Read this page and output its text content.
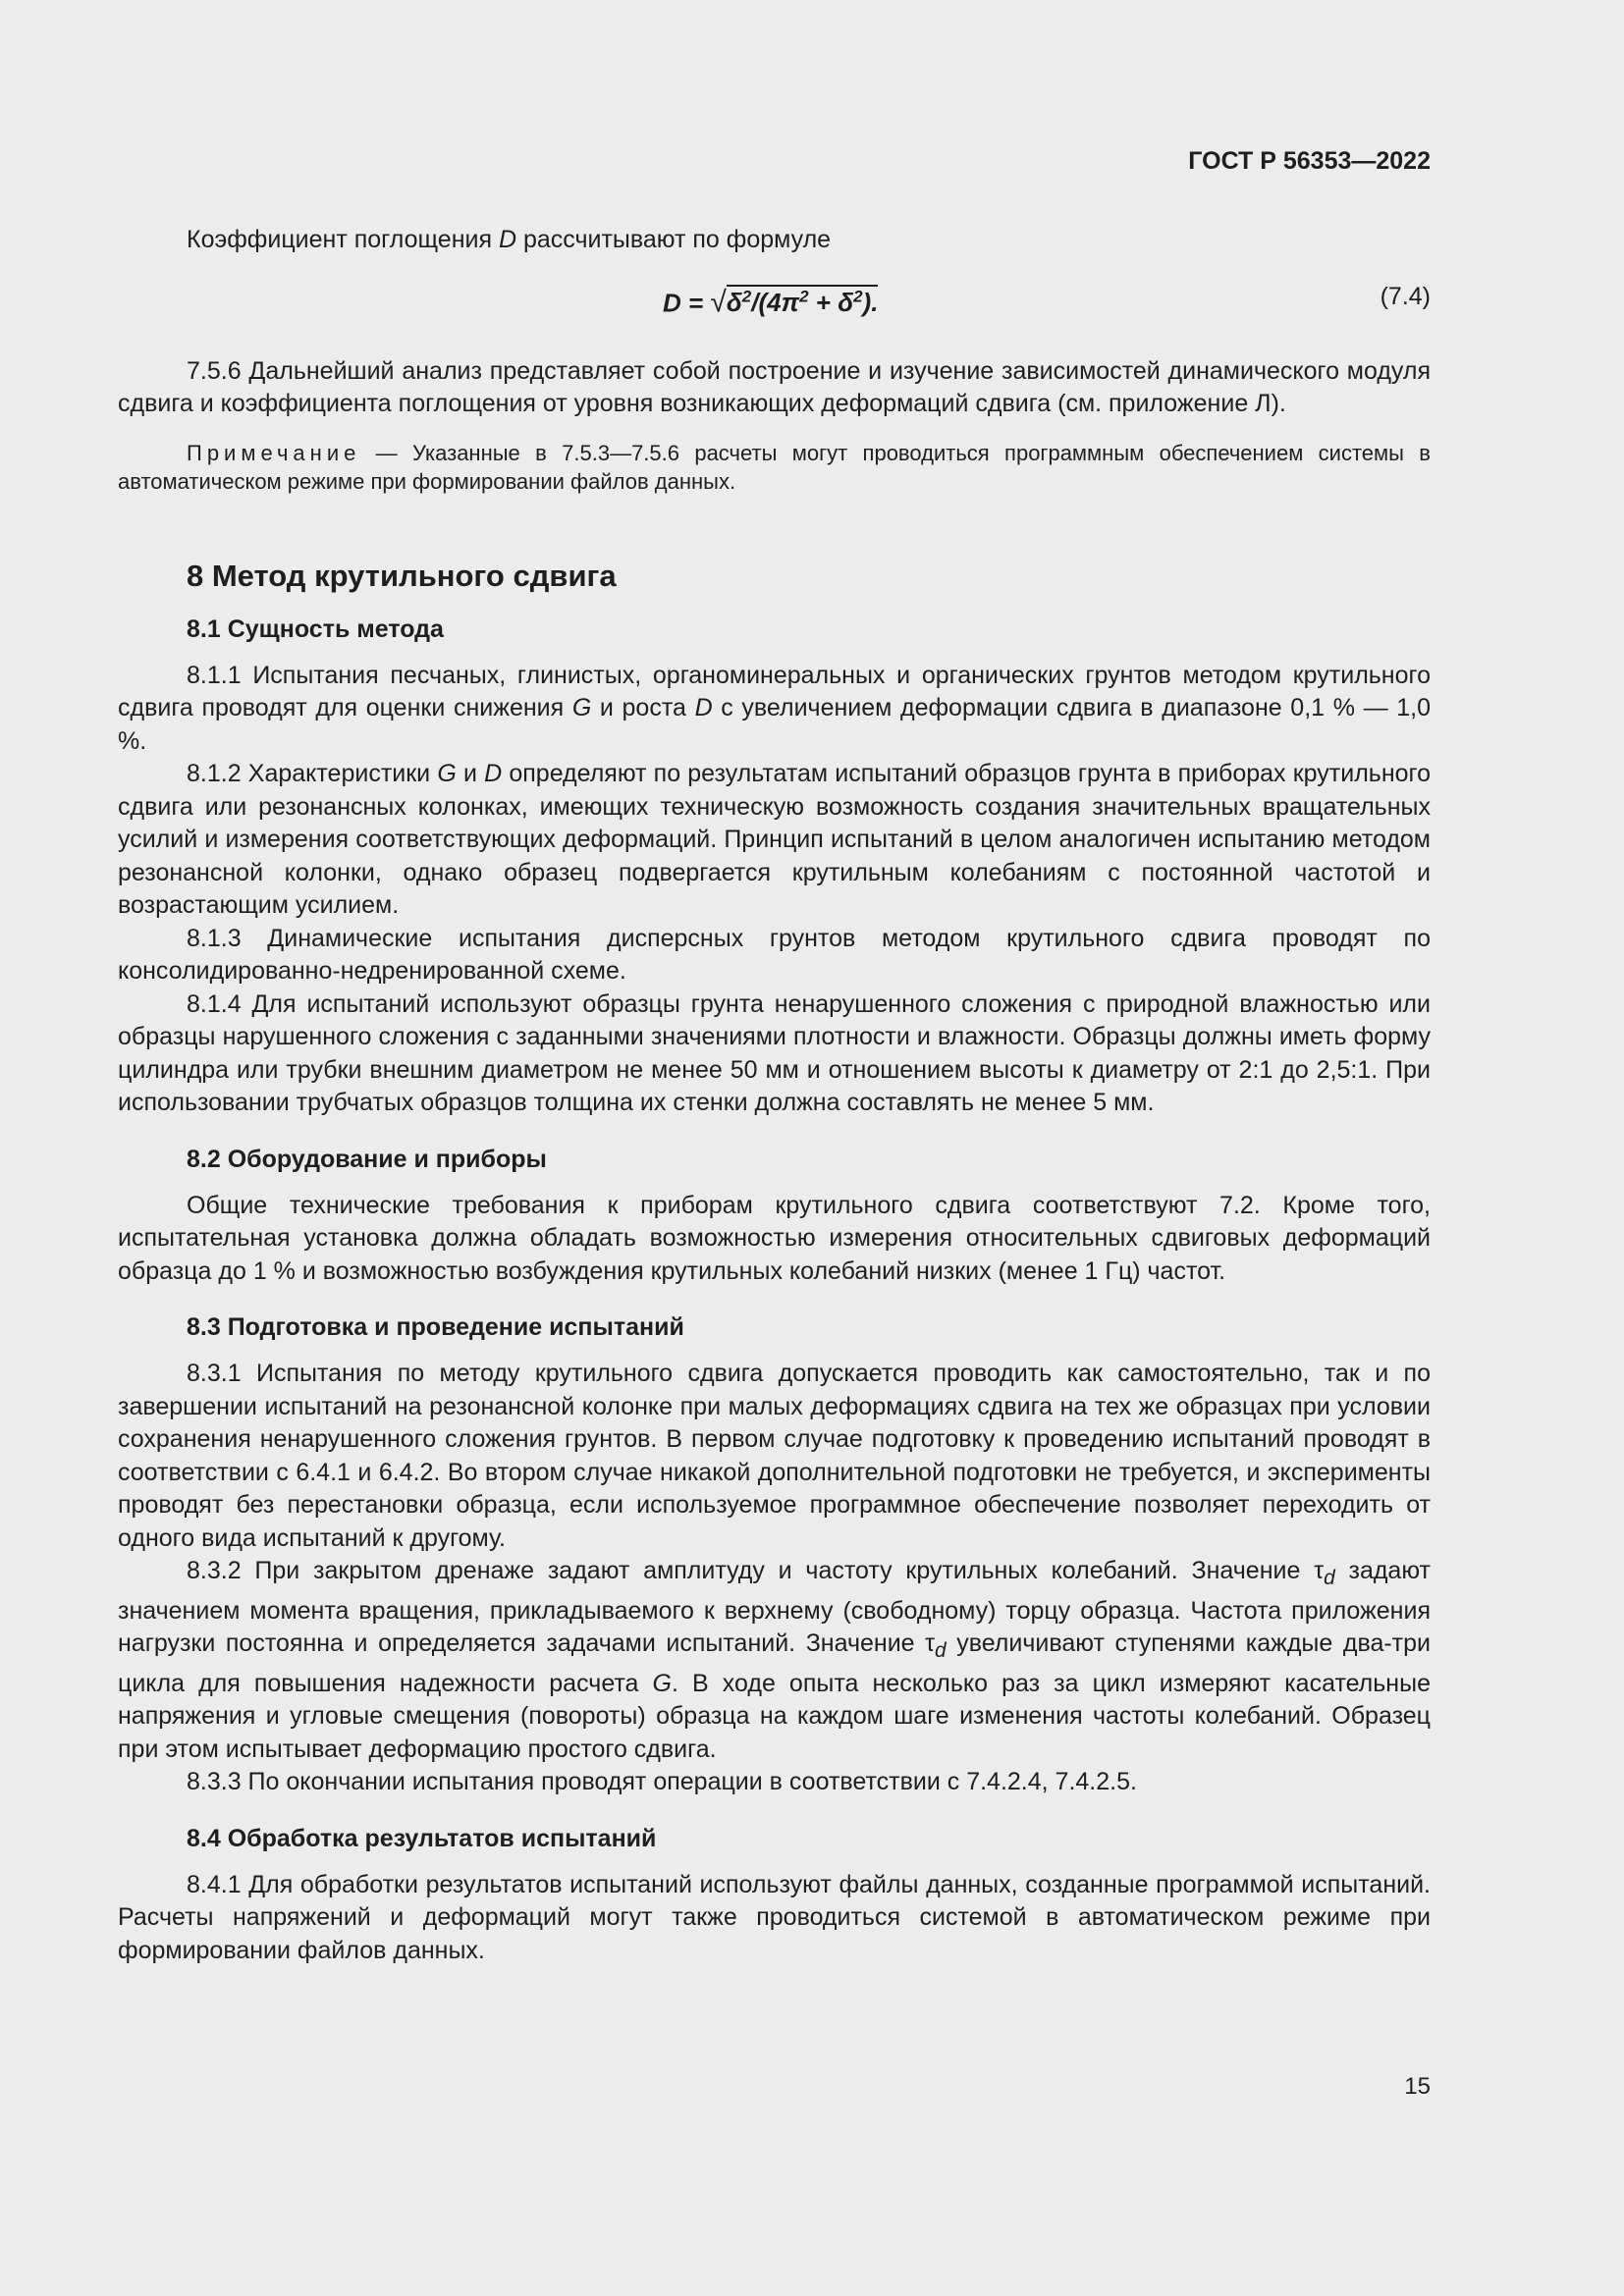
ГОСТ Р 56353—2022

Коэффициент поглощения D рассчитывают по формуле

$D = √\delta^2/(4\pi^2 + \delta^2)$.	(7.4)

7.5.6 Дальнейший анализ представляет собой построение и изучение зависимостей динамического модуля сдвига и коэффициента поглощения от уровня возникающих деформаций сдвига (см. приложение Л).

Примечание — Указанные в 7.5.3—7.5.6 расчеты могут проводиться программным обеспечением системы в автоматическом режиме при формировании файлов данных.

8 Метод крутильного сдвига
8.1 Сущность метода

8.1.1 Испытания песчаных, глинистых, органоминеральных и органических грунтов методом крутильного сдвига проводят для оценки снижения G и роста D с увеличением деформации сдвига в диапазоне 0,1 % — 1,0 %.

8.1.2 Характеристики G и D определяют по результатам испытаний образцов грунта в приборах крутильного сдвига или резонансных колонках, имеющих техническую возможность создания значительных вращательных усилий и измерения соответствующих деформаций. Принцип испытаний в целом аналогичен испытанию методом резонансной колонки, однако образец подвергается крутильным колебаниям с постоянной частотой и возрастающим усилием.

8.1.3 Динамические испытания дисперсных грунтов методом крутильного сдвига проводят по консолидированно-недренированной схеме.

8.1.4 Для испытаний используют образцы грунта ненарушенного сложения с природной влажностью или образцы нарушенного сложения с заданными значениями плотности и влажности. Образцы должны иметь форму цилиндра или трубки внешним диаметром не менее 50 мм и отношением высоты к диаметру от 2:1 до 2,5:1. При использовании трубчатых образцов толщина их стенки должна составлять не менее 5 мм.

8.2 Оборудование и приборы

Общие технические требования к приборам крутильного сдвига соответствуют 7.2. Кроме того, испытательная установка должна обладать возможностью измерения относительных сдвиговых деформаций образца до 1 % и возможностью возбуждения крутильных колебаний низких (менее 1 Гц) частот.

8.3 Подготовка и проведение испытаний

8.3.1 Испытания по методу крутильного сдвига допускается проводить как самостоятельно, так и по завершении испытаний на резонансной колонке при малых деформациях сдвига на тех же образцах при условии сохранения ненарушенного сложения грунтов. В первом случае подготовку к проведению испытаний проводят в соответствии с 6.4.1 и 6.4.2. Во втором случае никакой дополнительной подготовки не требуется, и эксперименты проводят без перестановки образца, если используемое программное обеспечение позволяет переходить от одного вида испытаний к другому.

8.3.2 При закрытом дренаже задают амплитуду и частоту крутильных колебаний. Значение $\tau_d$ задают значением момента вращения, прикладываемого к верхнему (свободному) торцу образца. Частота приложения нагрузки постоянна и определяется задачами испытаний. Значение $\tau_d$ увеличивают ступенями каждые два-три цикла для повышения надежности расчета G. В ходе опыта несколько раз за цикл измеряют касательные напряжения и угловые смещения (повороты) образца на каждом шаге изменения частоты колебаний. Образец при этом испытывает деформацию простого сдвига.

8.3.3 По окончании испытания проводят операции в соответствии с 7.4.2.4, 7.4.2.5.

8.4 Обработка результатов испытаний

8.4.1 Для обработки результатов испытаний используют файлы данных, созданные программой испытаний. Расчеты напряжений и деформаций могут также проводиться системой в автоматическом режиме при формировании файлов данных.

15
